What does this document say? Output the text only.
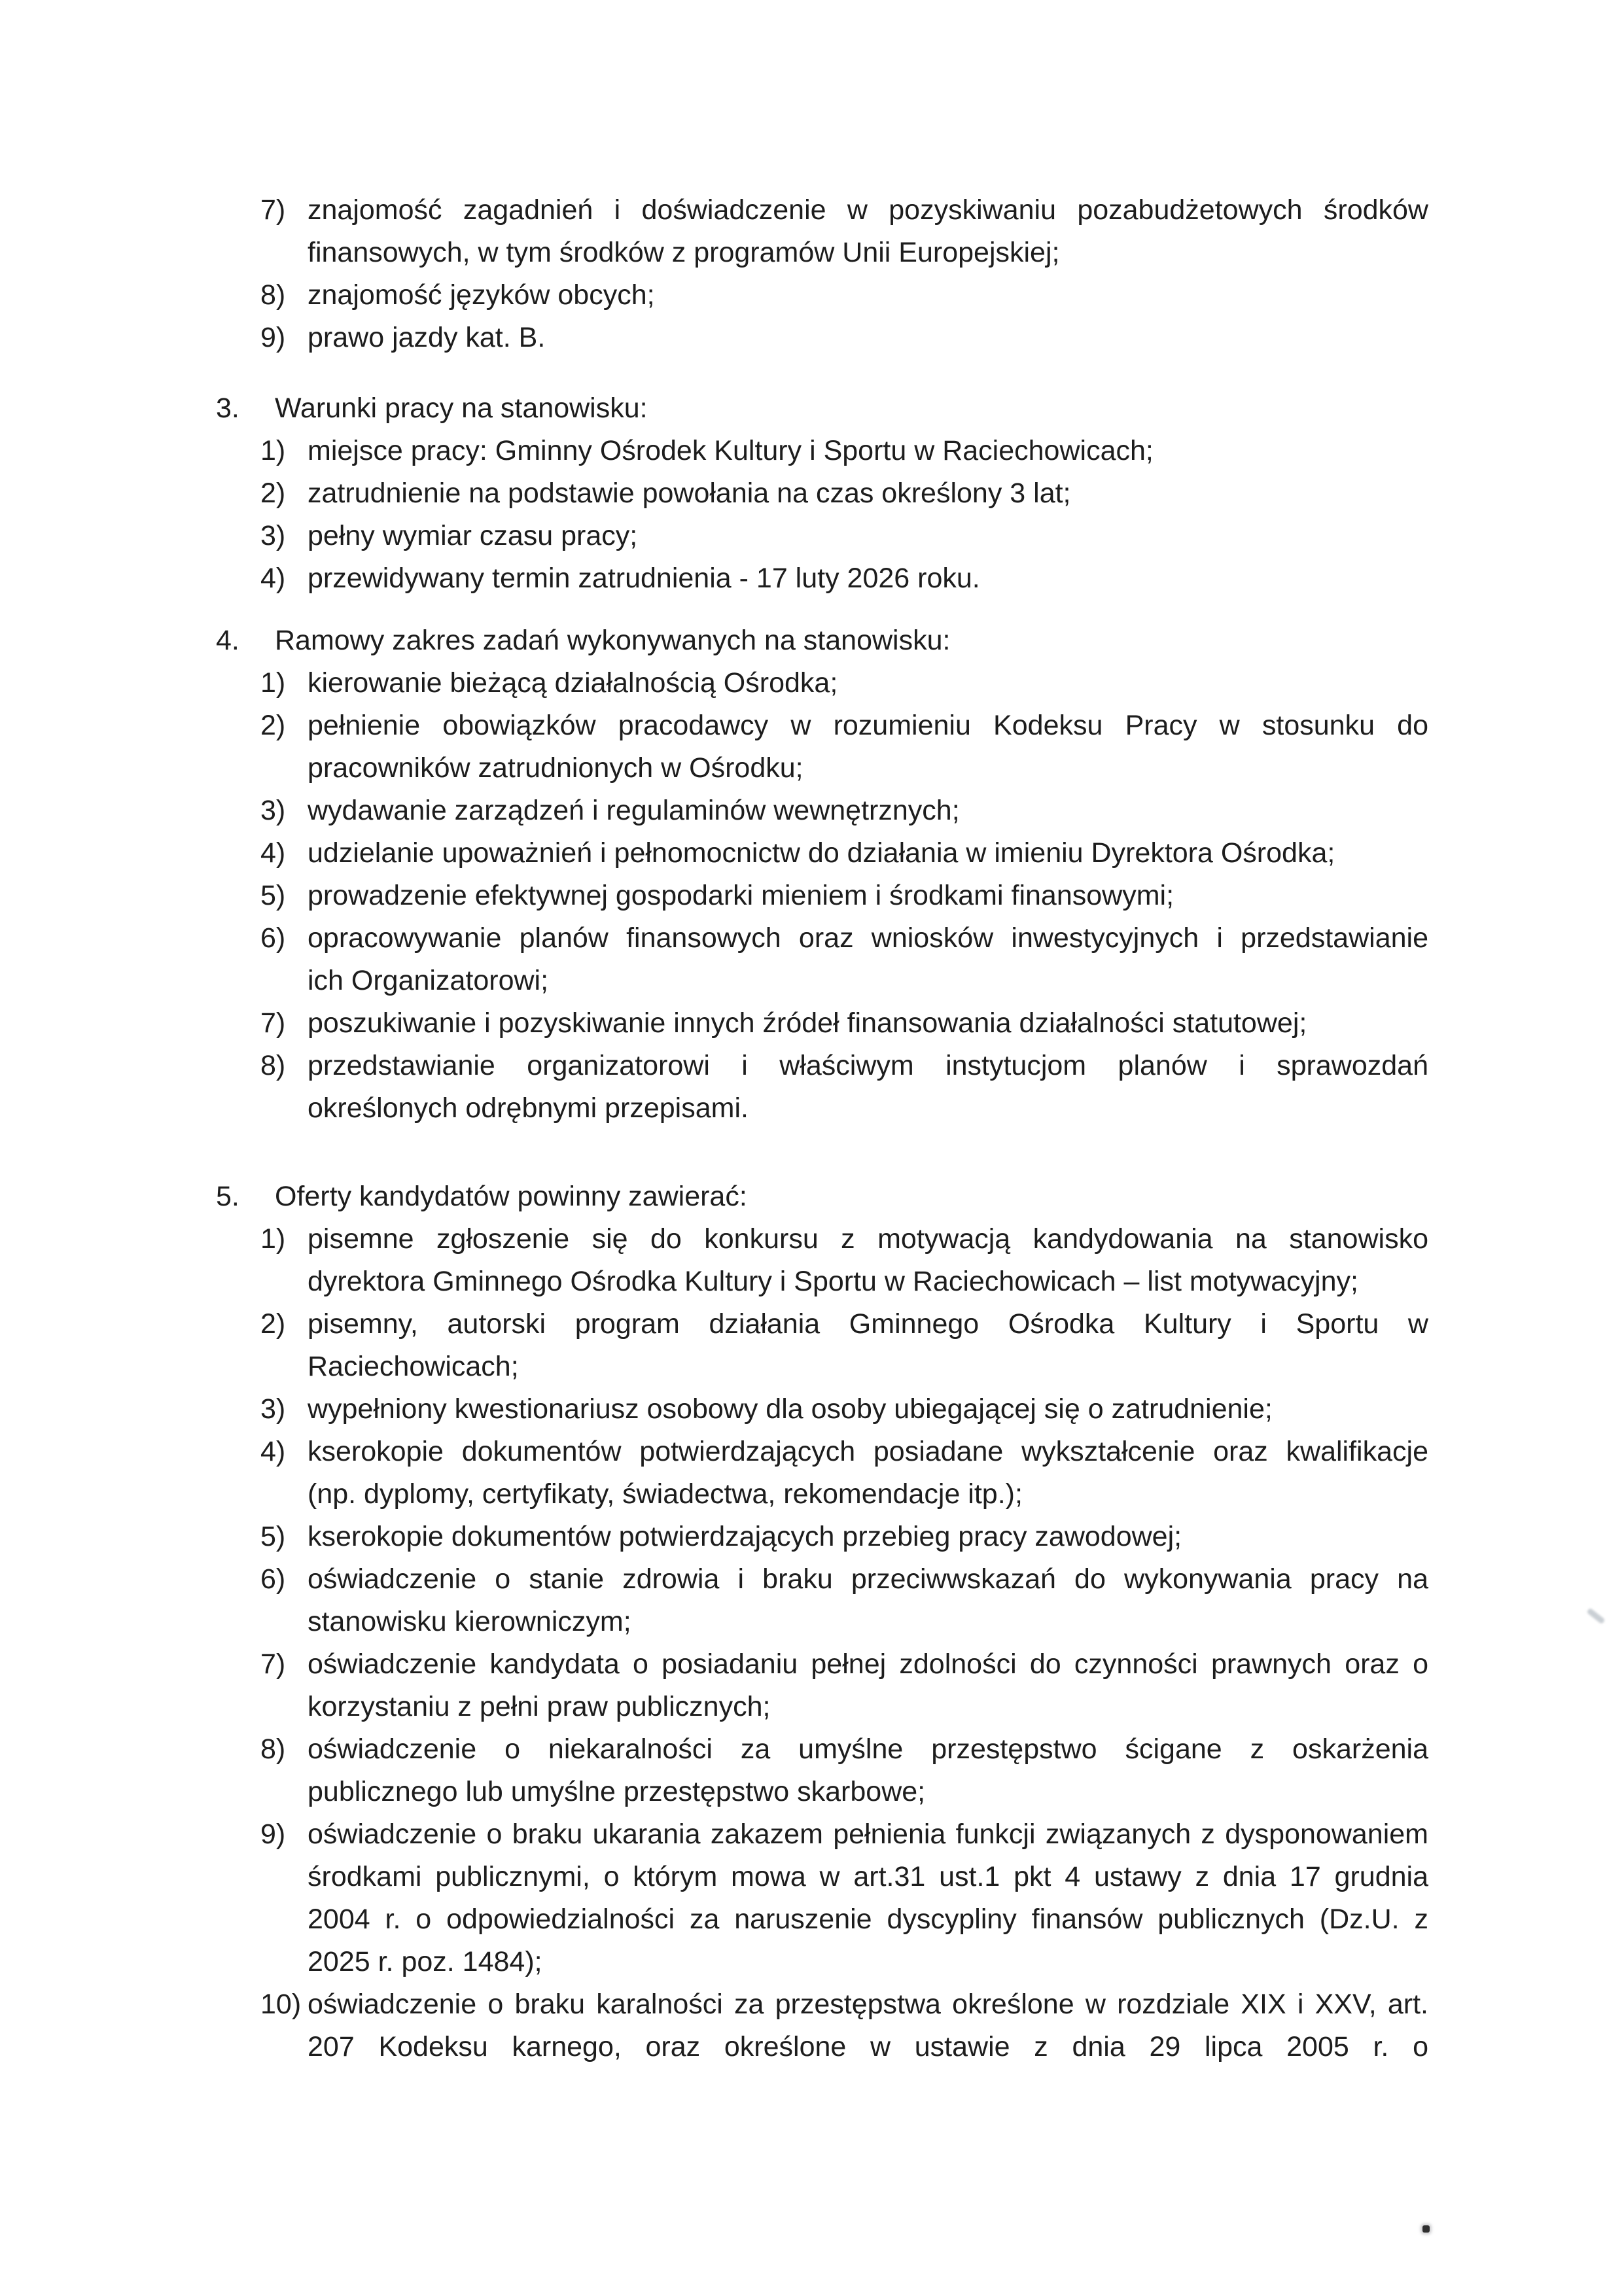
7) znajomość zagadnień i doświadczenie w pozyskiwaniu pozabudżetowych środków
finansowych, w tym środków z programów Unii Europejskiej;
8) znajomość języków obcych;
9) prawo jazdy kat. B.
3. Warunki pracy na stanowisku:
1) miejsce pracy: Gminny Ośrodek Kultury i Sportu w Raciechowicach;
2) zatrudnienie na podstawie powołania na czas określony 3 lat;
3) pełny wymiar czasu pracy;
4) przewidywany termin zatrudnienia - 17 luty 2026 roku.
4. Ramowy zakres zadań wykonywanych na stanowisku:
1) kierowanie bieżącą działalnością Ośrodka;
2) pełnienie obowiązków pracodawcy w rozumieniu Kodeksu Pracy w stosunku do
pracowników zatrudnionych w Ośrodku;
3) wydawanie zarządzeń i regulaminów wewnętrznych;
4) udzielanie upoważnień i pełnomocnictw do działania w imieniu Dyrektora Ośrodka;
5) prowadzenie efektywnej gospodarki mieniem i środkami finansowymi;
6) opracowywanie planów finansowych oraz wniosków inwestycyjnych i przedstawianie
ich Organizatorowi;
7) poszukiwanie i pozyskiwanie innych źródeł finansowania działalności statutowej;
8) przedstawianie organizatorowi i właściwym instytucjom planów i sprawozdań
określonych odrębnymi przepisami.
5. Oferty kandydatów powinny zawierać:
1) pisemne zgłoszenie się do konkursu z motywacją kandydowania na stanowisko
dyrektora Gminnego Ośrodka Kultury i Sportu w Raciechowicach – list motywacyjny;
2) pisemny, autorski program działania Gminnego Ośrodka Kultury i Sportu w
Raciechowicach;
3) wypełniony kwestionariusz osobowy dla osoby ubiegającej się o zatrudnienie;
4) kserokopie dokumentów potwierdzających posiadane wykształcenie oraz kwalifikacje
(np. dyplomy, certyfikaty, świadectwa, rekomendacje itp.);
5) kserokopie dokumentów potwierdzających przebieg pracy zawodowej;
6) oświadczenie o stanie zdrowia i braku przeciwwskazań do wykonywania pracy na
stanowisku kierowniczym;
7) oświadczenie kandydata o posiadaniu pełnej zdolności do czynności prawnych oraz o
korzystaniu z pełni praw publicznych;
8) oświadczenie o niekaralności za umyślne przestępstwo ścigane z oskarżenia
publicznego lub umyślne przestępstwo skarbowe;
9) oświadczenie o braku ukarania zakazem pełnienia funkcji związanych z dysponowaniem
środkami publicznymi, o którym mowa w art.31 ust.1 pkt 4 ustawy z dnia 17 grudnia
2004 r. o odpowiedzialności za naruszenie dyscypliny finansów publicznych (Dz.U. z
2025 r. poz. 1484);
10) oświadczenie o braku karalności za przestępstwa określone w rozdziale XIX i XXV, art.
207 Kodeksu karnego, oraz określone w ustawie z dnia 29 lipca 2005 r. o
